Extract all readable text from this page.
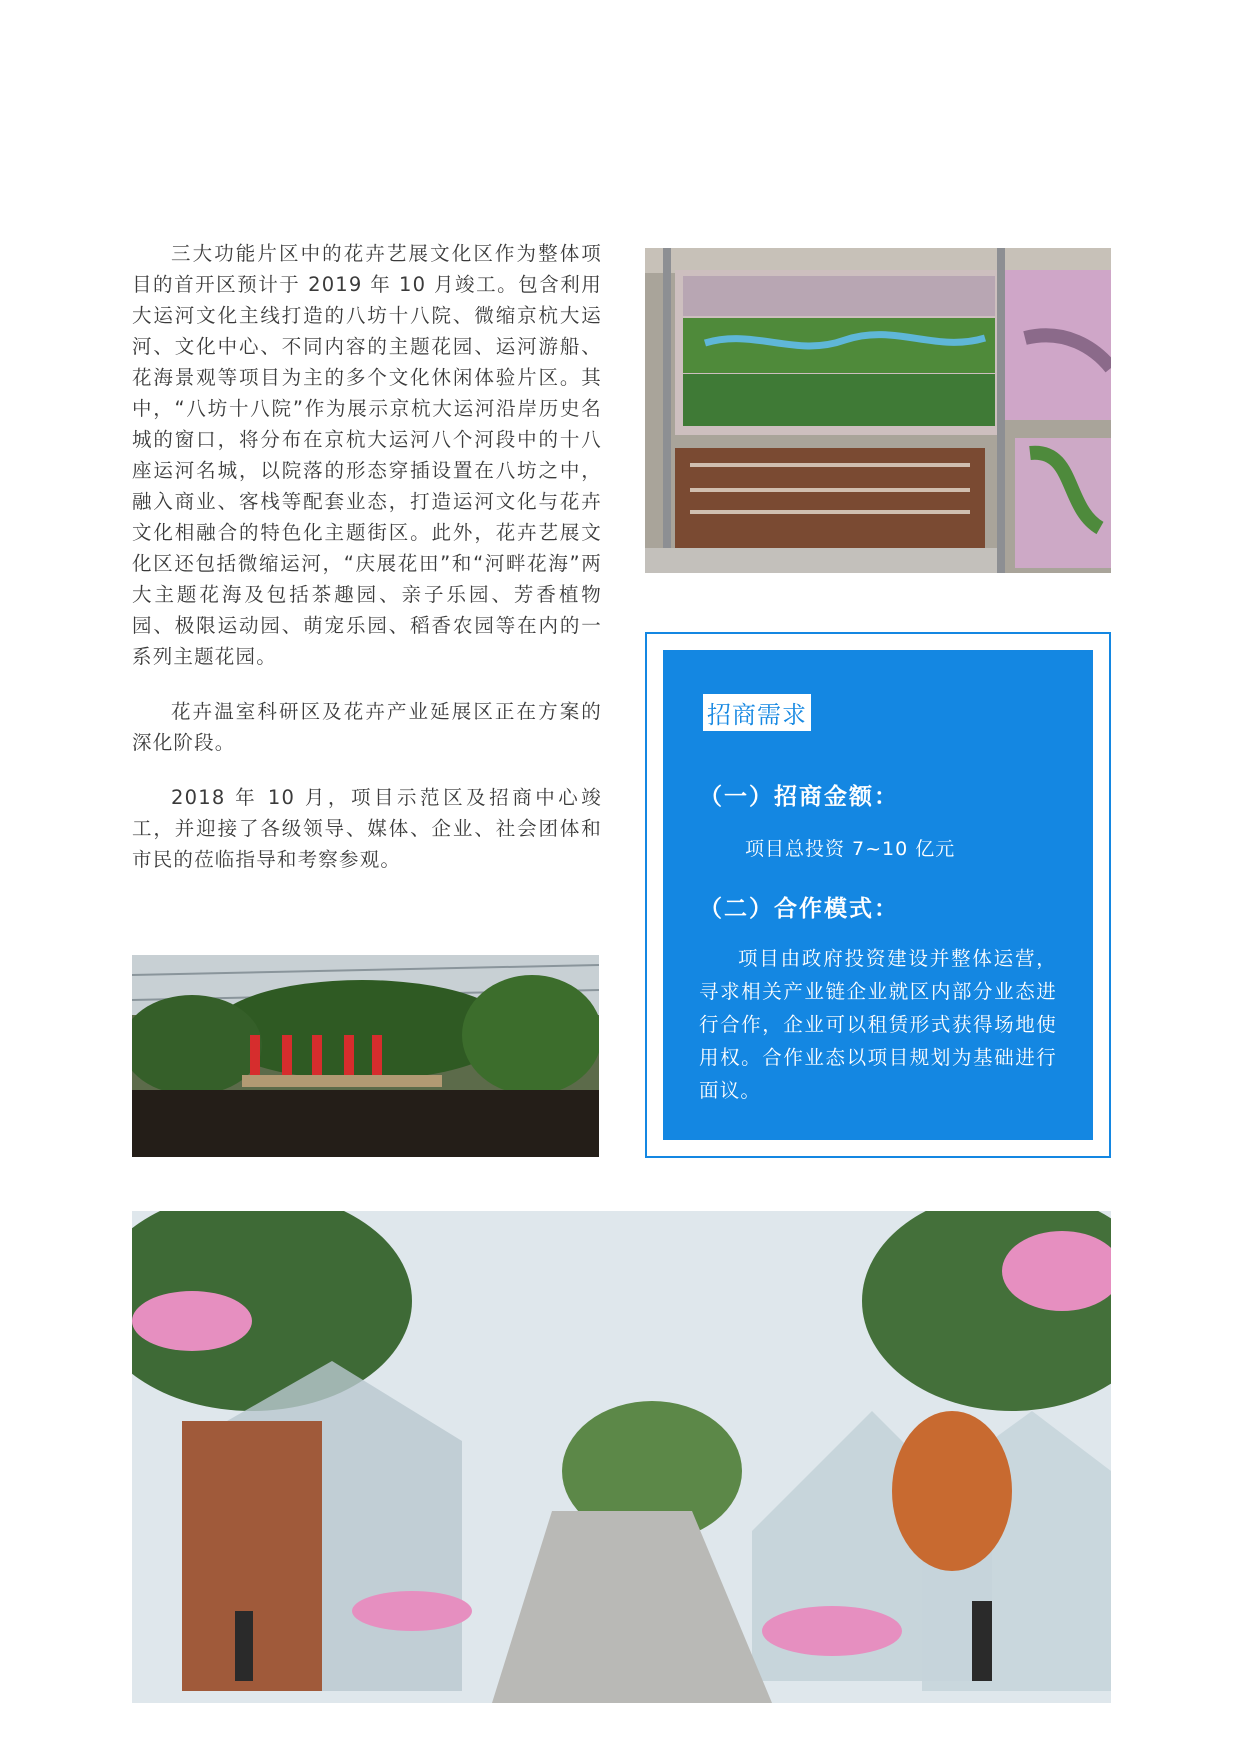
三大功能片区中的花卉艺展文化区作为整体项目的首开区预计于 2019 年 10 月竣工。包含利用大运河文化主线打造的八坊十八院、微缩京杭大运河、文化中心、不同内容的主题花园、运河游船、花海景观等项目为主的多个文化休闲体验片区。其中，“八坊十八院”作为展示京杭大运河沿岸历史名城的窗口，将分布在京杭大运河八个河段中的十八座运河名城，以院落的形态穿插设置在八坊之中，融入商业、客栈等配套业态，打造运河文化与花卉文化相融合的特色化主题街区。此外，花卉艺展文化区还包括微缩运河，“庆展花田”和“河畔花海”两大主题花海及包括茶趣园、亲子乐园、芳香植物园、极限运动园、萌宠乐园、稻香农园等在内的一系列主题花园。

花卉温室科研区及花卉产业延展区正在方案的深化阶段。

2018 年 10 月，项目示范区及招商中心竣工，并迎接了各级领导、媒体、企业、社会团体和市民的莅临指导和考察参观。

招商需求
（一）招商金额：
项目总投资 7~10 亿元
（二）合作模式：
项目由政府投资建设并整体运营，寻求相关产业链企业就区内部分业态进行合作，企业可以租赁形式获得场地使用权。合作业态以项目规划为基础进行面议。
